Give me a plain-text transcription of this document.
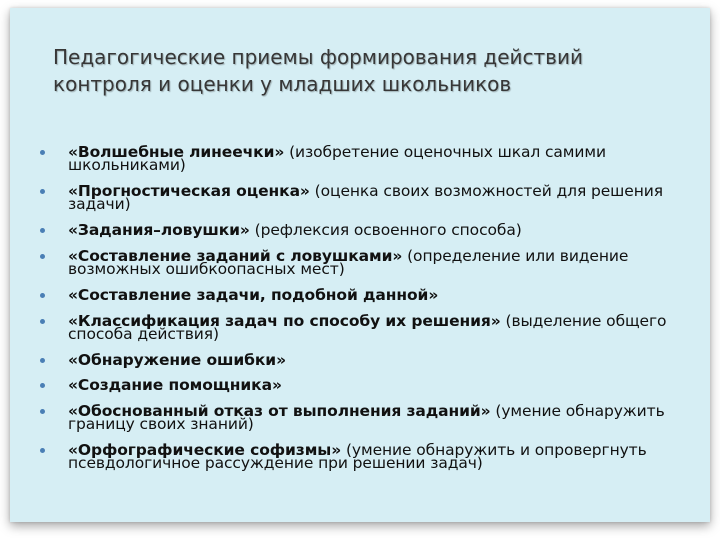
Педагогические приемы формирования действий контроля и оценки у младших школьников
«Волшебные линеечки» (изобретение оценочных шкал самими школьниками)
«Прогностическая оценка» (оценка своих возможностей для решения задачи)
«Задания–ловушки» (рефлексия освоенного способа)
«Составление заданий с ловушками» (определение или видение возможных ошибкоопасных мест)
«Составление задачи, подобной данной»
«Классификация задач по способу их решения» (выделение общего способа действия)
«Обнаружение ошибки»
«Создание помощника»
«Обоснованный отказ от выполнения заданий» (умение обнаружить границу своих знаний)
«Орфографические софизмы» (умение обнаружить и опровергнуть псевдологичное рассуждение при решении задач)
